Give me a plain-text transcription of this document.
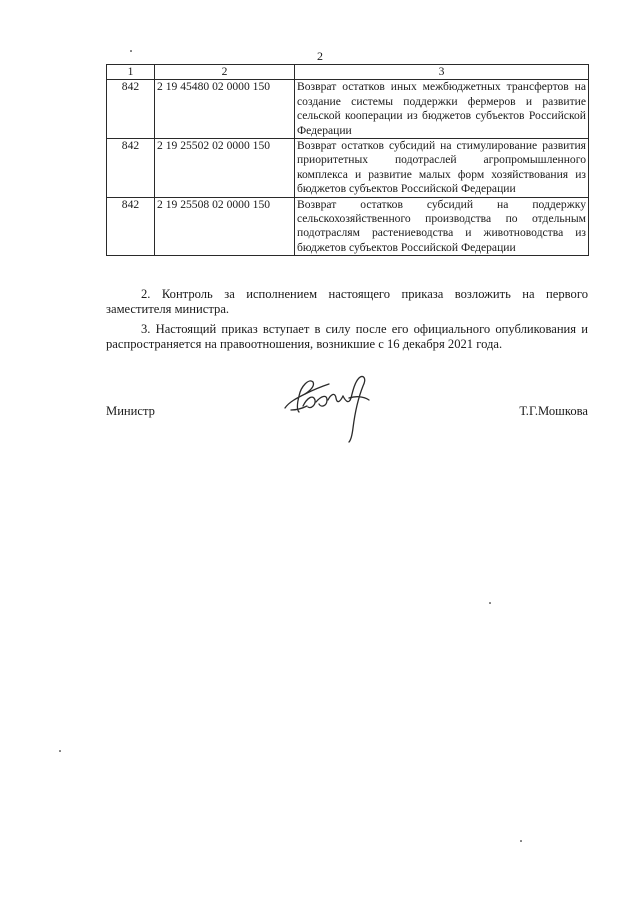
2
1	2	3
842	2 19 45480 02 0000 150	Возврат остатков иных межбюджетных трансфертов на создание системы поддержки фермеров и развитие сельской кооперации из бюджетов субъектов Российской Федерации
842	2 19 25502 02 0000 150	Возврат остатков субсидий на стимулирование развития приоритетных подотраслей агропромышленного комплекса и развитие малых форм хозяйствования из бюджетов субъектов Российской Федерации
842	2 19 25508 02 0000 150	Возврат остатков субсидий на поддержку сельскохозяйственного производства по отдельным подотраслям растениеводства и животноводства из бюджетов субъектов Российской Федерации

2. Контроль за исполнением настоящего приказа возложить на первого заместителя министра.

3. Настоящий приказ вступает в силу после его официального опубликования и распространяется на правоотношения, возникшие с 16 декабря 2021 года.

Министр	Т.Г.Мошкова
